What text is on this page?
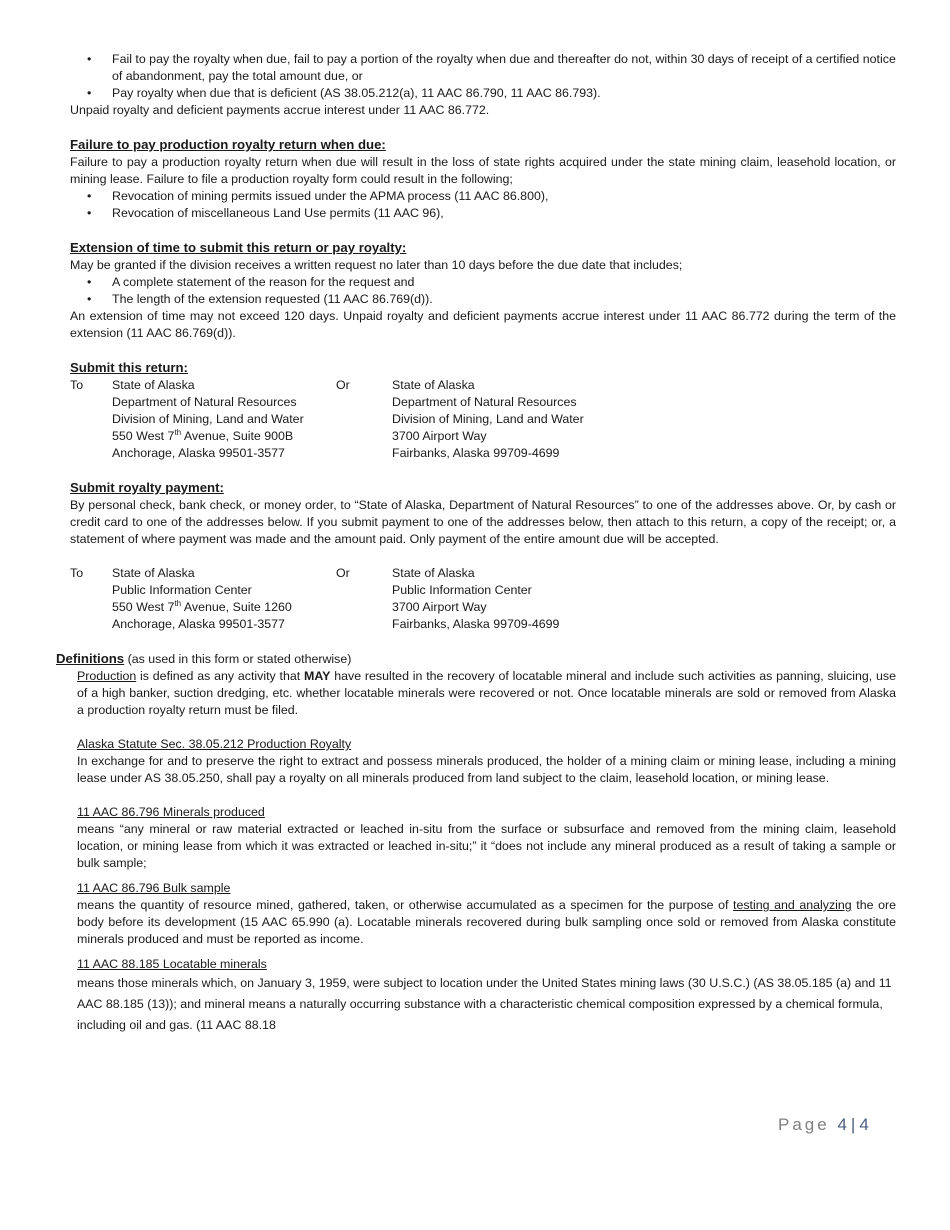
• Fail to pay the royalty when due, fail to pay a portion of the royalty when due and thereafter do not, within 30 days of receipt of a certified notice of abandonment, pay the total amount due, or
• Pay royalty when due that is deficient (AS 38.05.212(a), 11 AAC 86.790, 11 AAC 86.793).

Unpaid royalty and deficient payments accrue interest under 11 AAC 86.772.

Failure to pay production royalty return when due:

Failure to pay a production royalty return when due will result in the loss of state rights acquired under the state mining claim, leasehold location, or mining lease. Failure to file a production royalty form could result in the following;

• Revocation of mining permits issued under the APMA process (11 AAC 86.800),
• Revocation of miscellaneous Land Use permits (11 AAC 96),
Extension of time to submit this return or pay royalty:

May be granted if the division receives a written request no later than 10 days before the due date that includes;

• A complete statement of the reason for the request and
• The length of the extension requested (11 AAC 86.769(d)).

An extension of time may not exceed 120 days. Unpaid royalty and deficient payments accrue interest under 11 AAC 86.772 during the term of the extension (11 AAC 86.769(d)).

Submit this return:
To	State of Alaska
Department of Natural Resources
Division of Mining, Land and Water
550 West 7th Avenue, Suite 900B
Anchorage, Alaska 99501-3577
Or	State of Alaska
Department of Natural Resources
Division of Mining, Land and Water
3700 Airport Way
Fairbanks, Alaska 99709-4699
Submit royalty payment:

By personal check, bank check, or money order, to “State of Alaska, Department of Natural Resources” to one of the addresses above. Or, by cash or credit card to one of the addresses below. If you submit payment to one of the addresses below, then attach to this return, a copy of the receipt; or, a statement of where payment was made and the amount paid. Only payment of the entire amount due will be accepted.

To	State of Alaska
Public Information Center
550 West 7th Avenue, Suite 1260
Anchorage, Alaska 99501-3577
Or	State of Alaska
Public Information Center
3700 Airport Way
Fairbanks, Alaska 99709-4699

Definitions (as used in this form or stated otherwise)

Production is defined as any activity that MAY have resulted in the recovery of locatable mineral and include such activities as panning, sluicing, use of a high banker, suction dredging, etc. whether locatable minerals were recovered or not. Once locatable minerals are sold or removed from Alaska a production royalty return must be filed.

Alaska Statute Sec. 38.05.212 Production Royalty

In exchange for and to preserve the right to extract and possess minerals produced, the holder of a mining claim or mining lease, including a mining lease under AS 38.05.250, shall pay a royalty on all minerals produced from land subject to the claim, leasehold location, or mining lease.

11 AAC 86.796 Minerals produced

means “any mineral or raw material extracted or leached in-situ from the surface or subsurface and removed from the mining claim, leasehold location, or mining lease from which it was extracted or leached in-situ;” it “does not include any mineral produced as a result of taking a sample or bulk sample;

11 AAC 86.796 Bulk sample

means the quantity of resource mined, gathered, taken, or otherwise accumulated as a specimen for the purpose of testing and analyzing the ore body before its development (15 AAC 65.990 (a). Locatable minerals recovered during bulk sampling once sold or removed from Alaska constitute minerals produced and must be reported as income.

11 AAC 88.185 Locatable minerals

means those minerals which, on January 3, 1959, were subject to location under the United States mining laws (30 U.S.C.) (AS 38.05.185 (a) and 11 AAC 88.185 (13)); and mineral means a naturally occurring substance with a characteristic chemical composition expressed by a chemical formula, including oil and gas. (11 AAC 88.18

Page 4 | 4
